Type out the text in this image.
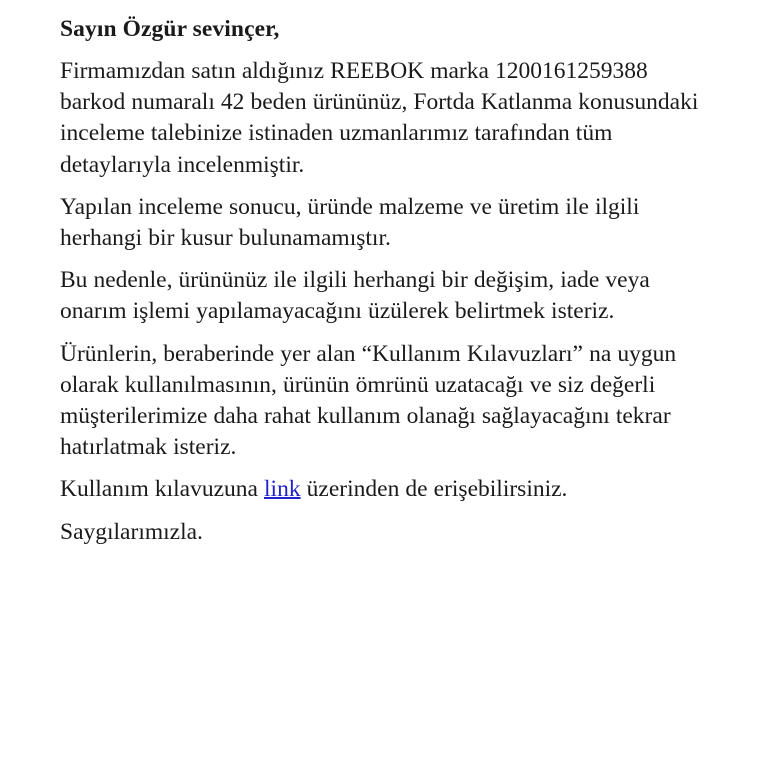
Sayın Özgür sevinçer,

Firmamızdan satın aldığınız REEBOK marka 1200161259388 barkod numaralı 42 beden ürününüz, Fortda Katlanma konusundaki inceleme talebinize istinaden uzmanlarımız tarafından tüm detaylarıyla incelenmiştir.

Yapılan inceleme sonucu, üründe malzeme ve üretim ile ilgili herhangi bir kusur bulunamamıştır.

Bu nedenle, ürününüz ile ilgili herhangi bir değişim, iade veya onarım işlemi yapılamayacağını üzülerek belirtmek isteriz.

Ürünlerin, beraberinde yer alan “Kullanım Kılavuzları” na uygun olarak kullanılmasının, ürünün ömrünü uzatacağı ve siz değerli müşterilerimize daha rahat kullanım olanağı sağlayacağını tekrar hatırlatmak isteriz.

Kullanım kılavuzuna link üzerinden de erişebilirsiniz.

Saygılarımızla.
